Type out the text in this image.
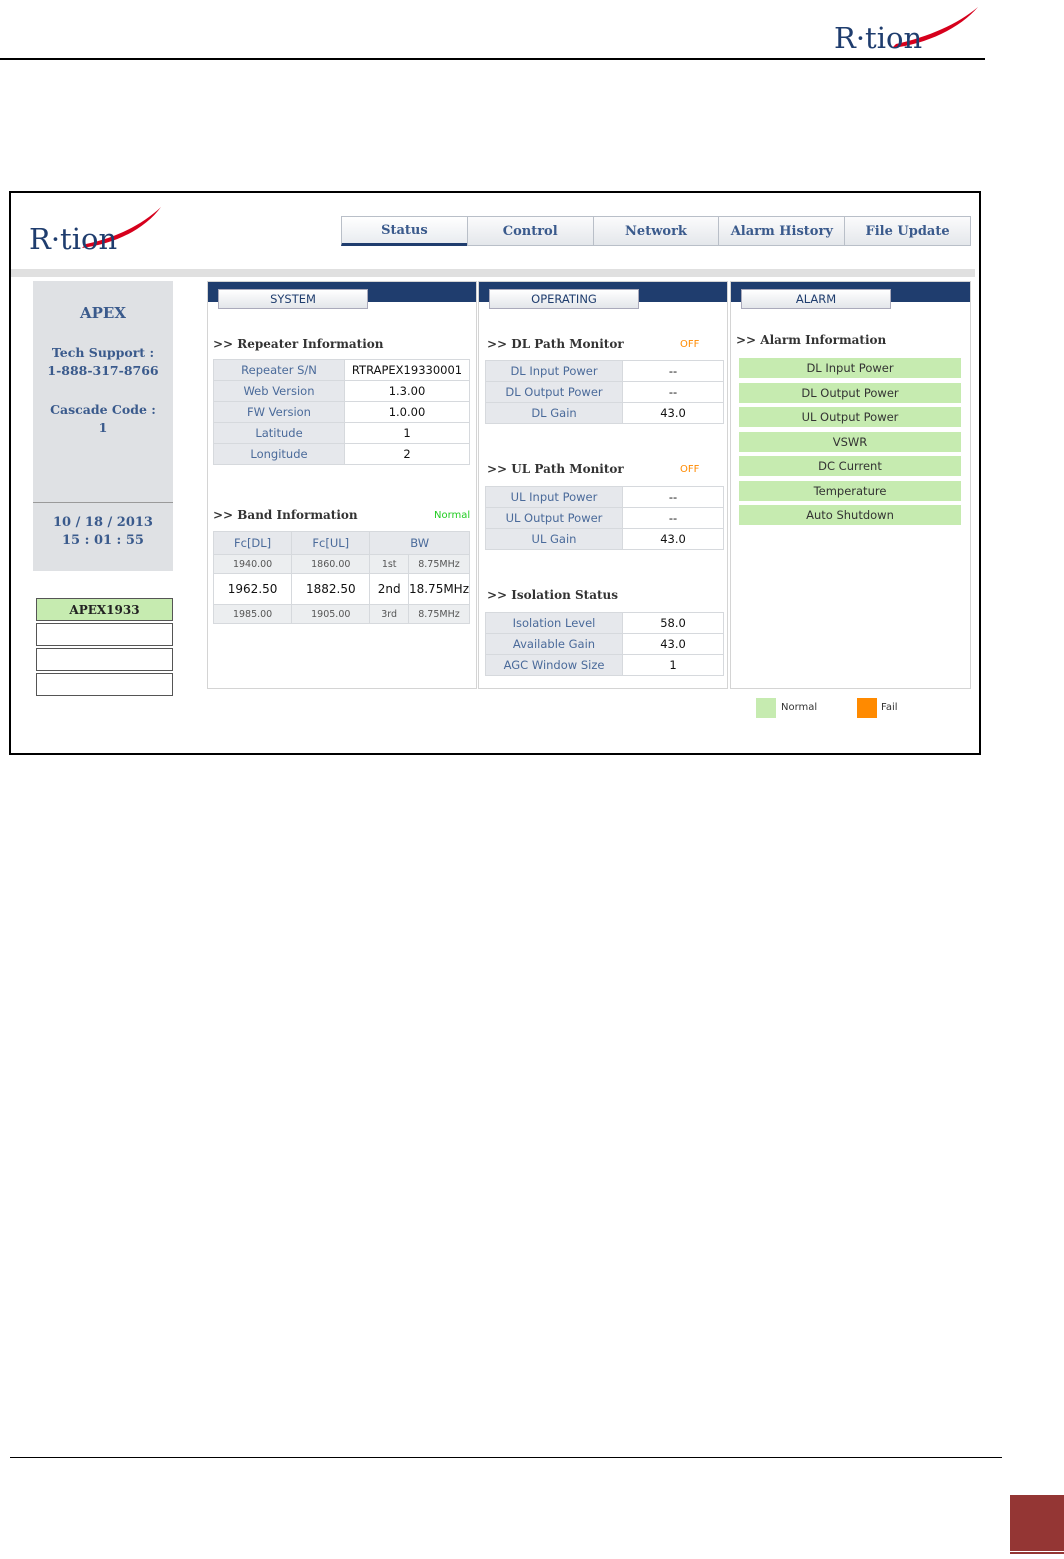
R·tion
R·tion	Status	Control	Network	Alarm History	File Update
APEX
Tech Support :
1-888-317-8766
Cascade Code :
1
10 / 18 / 2013
15 : 01 : 55
APEX1933
SYSTEM
>> Repeater Information
Repeater S/N	RTRAPEX19330001
Web Version	1.3.00
FW Version	1.0.00
Latitude	1
Longitude	2
>> Band Information	Normal
Fc[DL]	Fc[UL]	BW	
1940.00	1860.00	1st	8.75MHz
1962.50	1882.50	2nd	18.75MHz
1985.00	1905.00	3rd	8.75MHz
OPERATING
>> DL Path Monitor	OFF
DL Input Power	--
DL Output Power	--
DL Gain	43.0
>> UL Path Monitor	OFF
UL Input Power	--
UL Output Power	--
UL Gain	43.0
>> Isolation Status
Isolation Level	58.0
Available Gain	43.0
AGC Window Size	1
ALARM
>> Alarm Information
DL Input Power
DL Output Power
UL Output Power
VSWR
DC Current
Temperature
Auto Shutdown
Normal	Fail
